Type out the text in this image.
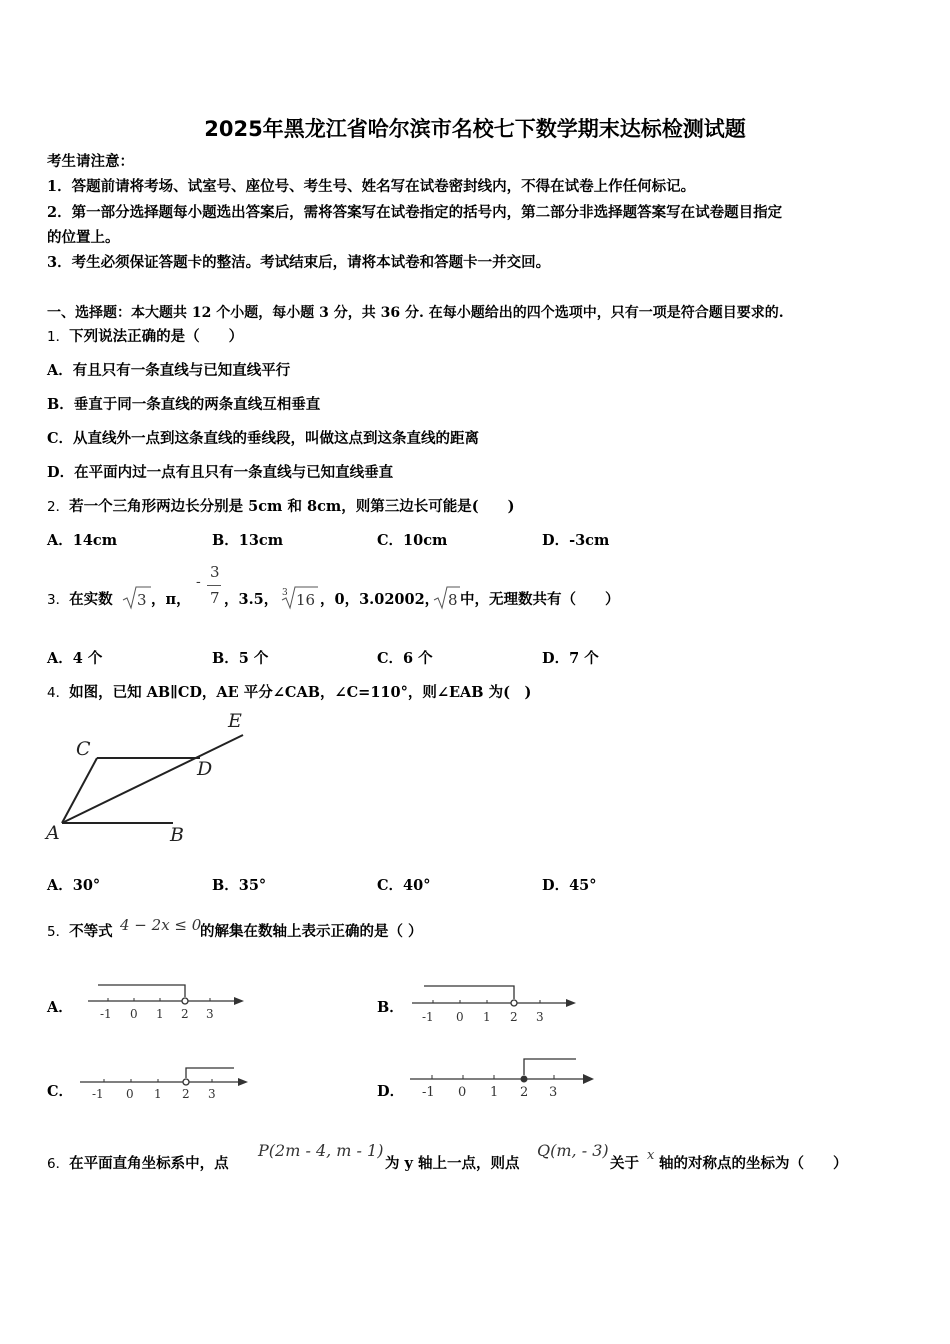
2025年黑龙江省哈尔滨市名校七下数学期末达标检测试题
考生请注意：
1．答题前请将考场、试室号、座位号、考生号、姓名写在试卷密封线内，不得在试卷上作任何标记。
2．第一部分选择题每小题选出答案后，需将答案写在试卷指定的括号内，第二部分非选择题答案写在试卷题目指定
的位置上。
3．考生必须保证答题卡的整洁。考试结束后，请将本试卷和答题卡一并交回。
一、选择题：本大题共 12 个小题，每小题 3 分，共 36 分. 在每小题给出的四个选项中，只有一项是符合题目要求的.
1．下列说法正确的是（　　）
A．有且只有一条直线与已知直线平行
B．垂直于同一条直线的两条直线互相垂直
C．从直线外一点到这条直线的垂线段，叫做这点到这条直线的距离
D．在平面内过一点有且只有一条直线与已知直线垂直
2．若一个三角形两边长分别是 5cm 和 8cm，则第三边长可能是(　　)
A．14cm	B．13cm	C．10cm	D．-3cm
3．在实数 3 ，π，
-
3
7 ，3.5， 3 16 ，0，3.02002， 8 中，无理数共有（　　）
A．4 个	B．5 个	C．6 个	D．7 个
4．如图，已知 AB∥CD，AE 平分∠CAB，∠C=110°，则∠EAB 为(　)
E
C
D
A	B
A．30°	B．35°	C．40°	D．45°
5．不等式 4 − 2x ≤ 0
的解集在数轴上表示正确的是（ ）
A． -1 0 1 2 3	B．
-1 0 1 2 3
C． -1 0 1 2 3	D． -1 0 1 2 3
6．在平面直角坐标系中，点
P(2m - 4, m - 1)
为 y 轴上一点，则点
Q(m, - 3)
关于 x 轴的对称点的坐标为（　　）
